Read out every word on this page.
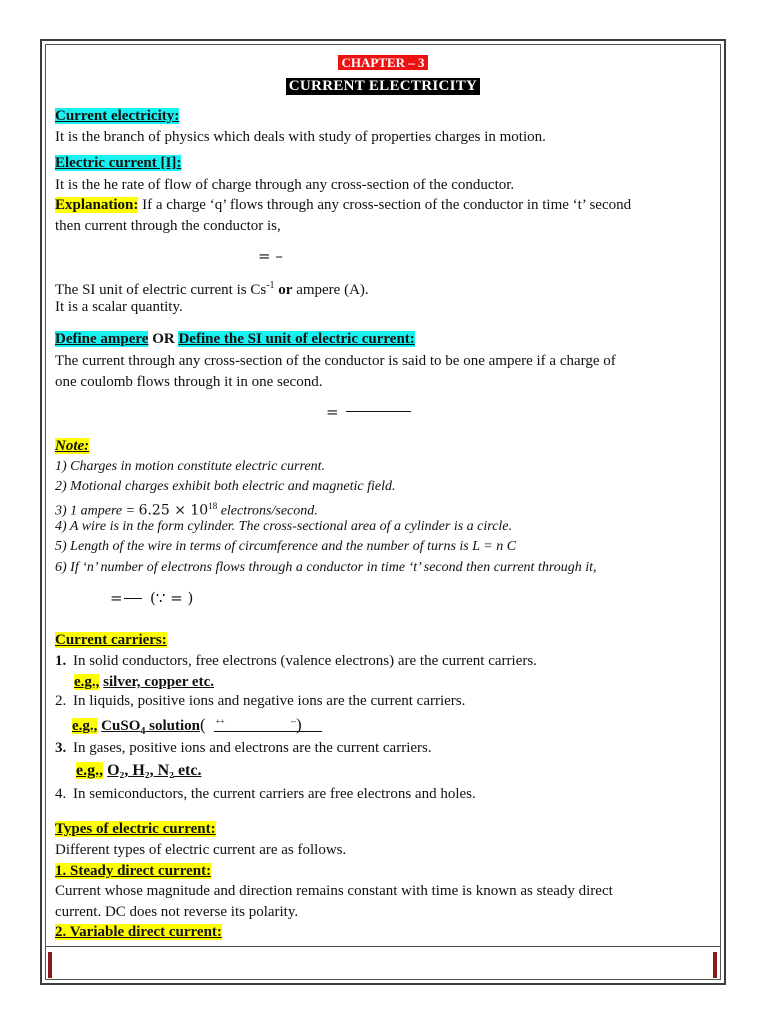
CHAPTER – 3
CURRENT ELECTRICITY
Current electricity:
It is the branch of physics which deals with study of properties charges in motion.
Electric current [I]:
It is the he rate of flow of charge through any cross-section of the conductor.
Explanation: If a charge ‘q’ flows through any cross-section of the conductor in time ‘t’ second
then current through the conductor is,
= –
The SI unit of electric current is $Cs^{-1}$ or ampere (A).
It is a scalar quantity.
Define ampere OR Define the SI unit of electric current:
The current through any cross-section of the conductor is said to be one ampere if a charge of
one coulomb flows through it in one second.
=
Note:
1) Charges in motion constitute electric current.
2) Motional charges exhibit both electric and magnetic field.
3) 1 ampere = $6.25 \times 10^{18}$ electrons/second.
4) A wire is in the form cylinder. The cross-sectional area of a cylinder is a circle.
5) Length of the wire in terms of circumference and the number of turns is L = n C
6) If ‘n’ number of electrons flows through a conductor in time ‘t’ second then current through it,
= (∵ = )
Current carriers:
1. In solid conductors, free electrons (valence electrons) are the current carriers.
e.g., silver, copper etc.
2. In liquids, positive ions and negative ions are the current carriers.
e.g., CuSO$_4$ solution( ++	--)
3. In gases, positive ions and electrons are the current carriers.
e.g., O₂, H₂, N₂ etc.
4. In semiconductors, the current carriers are free electrons and holes.
Types of electric current:
Different types of electric current are as follows.
1. Steady direct current:
Current whose magnitude and direction remains constant with time is known as steady direct
current. DC does not reverse its polarity.
2. Variable direct current:
